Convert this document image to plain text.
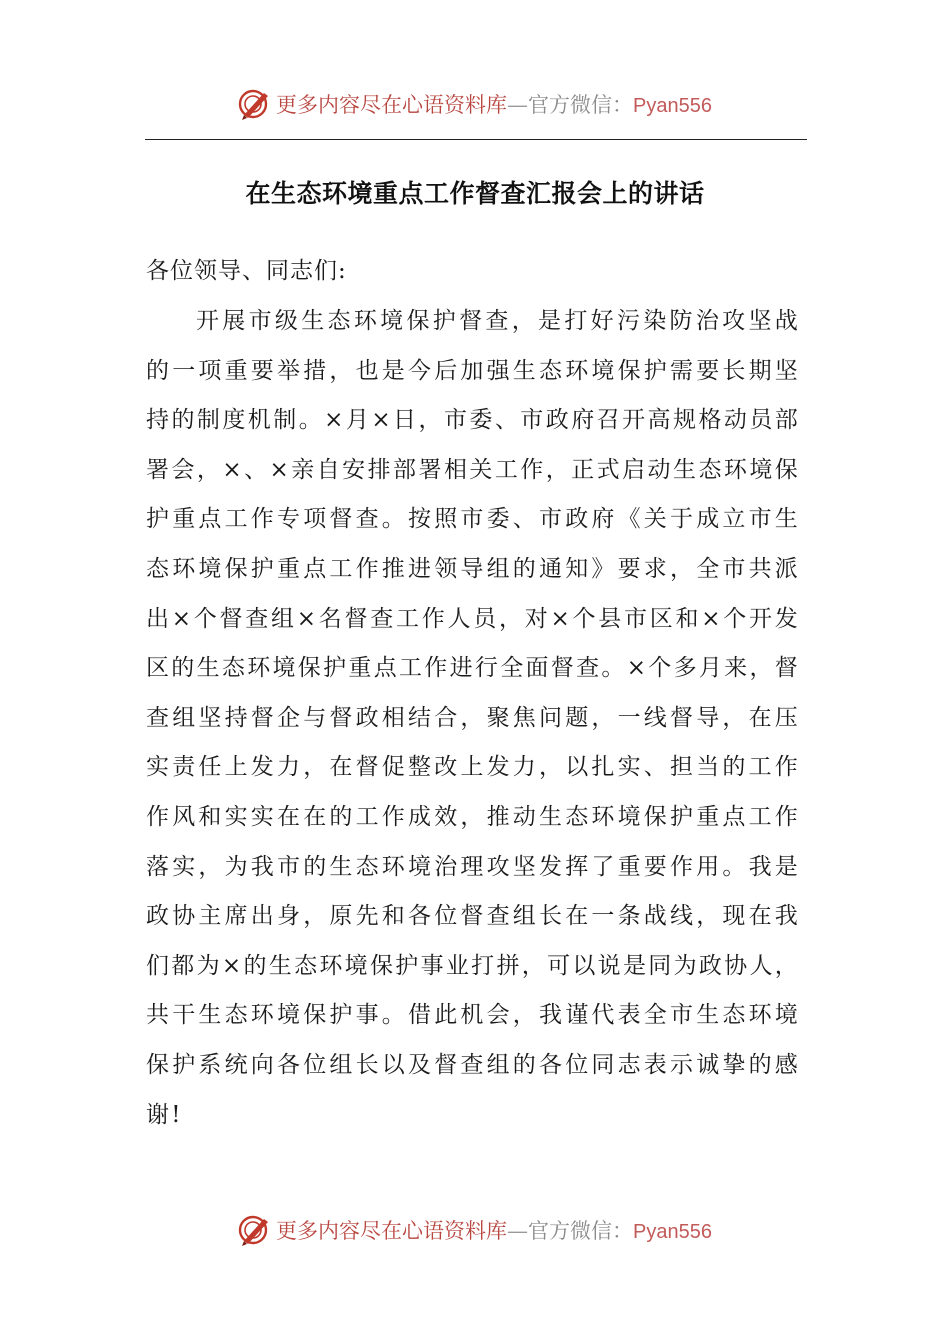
更多内容尽在心语资料库—官方微信：Pyan556
在生态环境重点工作督查汇报会上的讲话
各位领导、同志们:

开展市级生态环境保护督查，是打好污染防治攻坚战的一项重要举措，也是今后加强生态环境保护需要长期坚持的制度机制。×月×日，市委、市政府召开高规格动员部署会，×、×亲自安排部署相关工作，正式启动生态环境保护重点工作专项督查。按照市委、市政府《关于成立市生态环境保护重点工作推进领导组的通知》要求，全市共派出×个督查组×名督查工作人员，对×个县市区和×个开发区的生态环境保护重点工作进行全面督查。×个多月来，督查组坚持督企与督政相结合，聚焦问题，一线督导，在压实责任上发力，在督促整改上发力，以扎实、担当的工作作风和实实在在的工作成效，推动生态环境保护重点工作落实，为我市的生态环境治理攻坚发挥了重要作用。我是政协主席出身，原先和各位督查组长在一条战线，现在我们都为×的生态环境保护事业打拼，可以说是同为政协人，共干生态环境保护事。借此机会，我谨代表全市生态环境保护系统向各位组长以及督查组的各位同志表示诚挚的感谢!

更多内容尽在心语资料库—官方微信：Pyan556
